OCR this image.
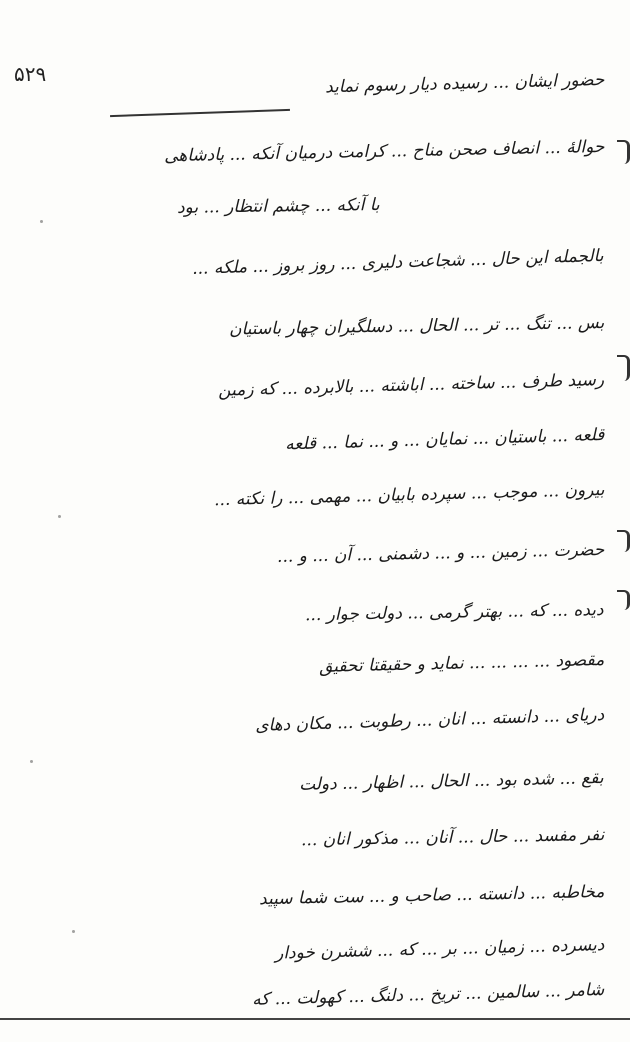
۵۲۹	حضور ایشان ... رسیده دیار رسوم نماید
حوالهٔ ... انصاف صحن مناح ... کرامت درمیان آنکه ... پادشاهی
با آنکه ... چشم انتظار ... بود
بالجمله این حال ... شجاعت دلیری ... روز بروز ... ملکه ...
بس ... تنگ ... تر ... الحال ... دسلگیران چهار باستیان
رسید طرف ... ساخته ... اباشته ... بالابرده ... که زمین
قلعه ... باستیان ... نمایان ... و ... نما ... قلعه
بیرون ... موجب ... سپرده بابیان ... مهمی ... را نکته ...
حضرت ... زمین ... و ... دشمنی ... آن ... و ...
دیده ... که ... بهتر گرمی ... دولت جوار ...
مقصود ... ... ... ... نماید و حقیقتا تحقیق
دریای ... دانسته ... انان ... رطوبت ... مکان دهای
بقع ... شده بود ... الحال ... اظهار ... دولت
نفر مفسد ... حال ... آنان ... مذکور انان ...
مخاطبه ... دانسته ... صاحب و ... ست شما سپید
دیسرده ... زمیان ... بر ... که ... ششرن خودار
شامر ... سالمین ... تریخ ... دلنگ ... کهولت ... که
